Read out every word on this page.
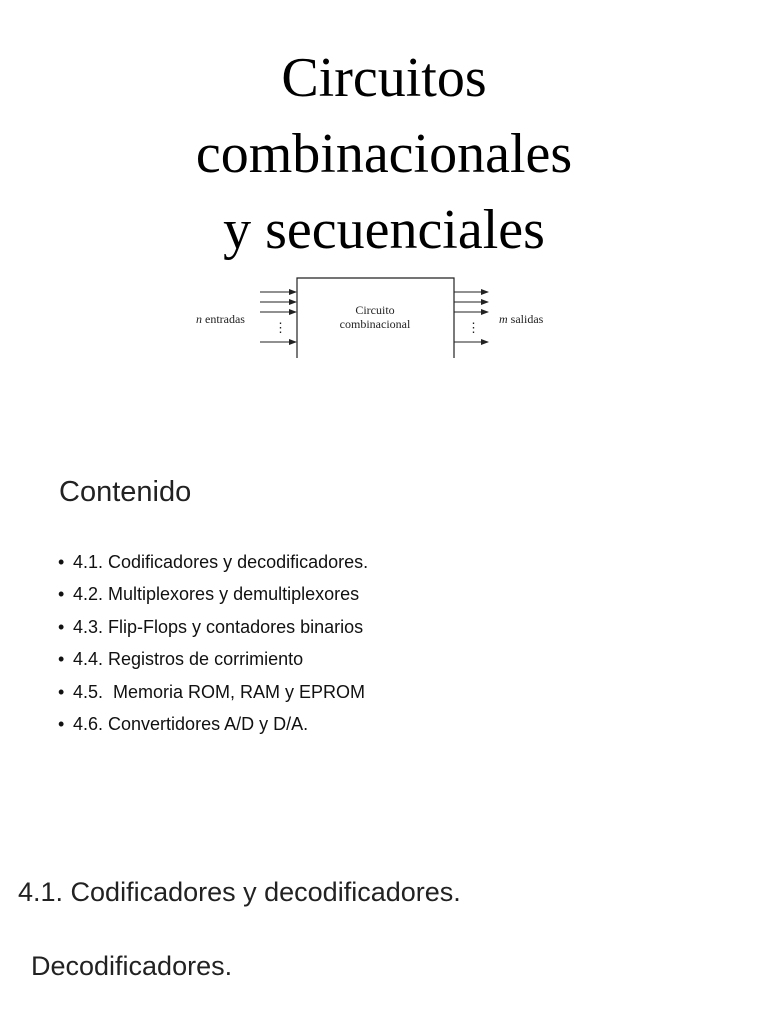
Circuitos
combinacionales
y secuenciales
n entradas
⋮
Circuito
combinacional	⋮
m salidas
Contenido
• 4.1. Codificadores y decodificadores.
• 4.2. Multiplexores y demultiplexores
• 4.3. Flip-Flops y contadores binarios
• 4.4. Registros de corrimiento
• 4.5.  Memoria ROM, RAM y EPROM
• 4.6. Convertidores A/D y D/A.
4.1. Codificadores y decodificadores.
Decodificadores.
